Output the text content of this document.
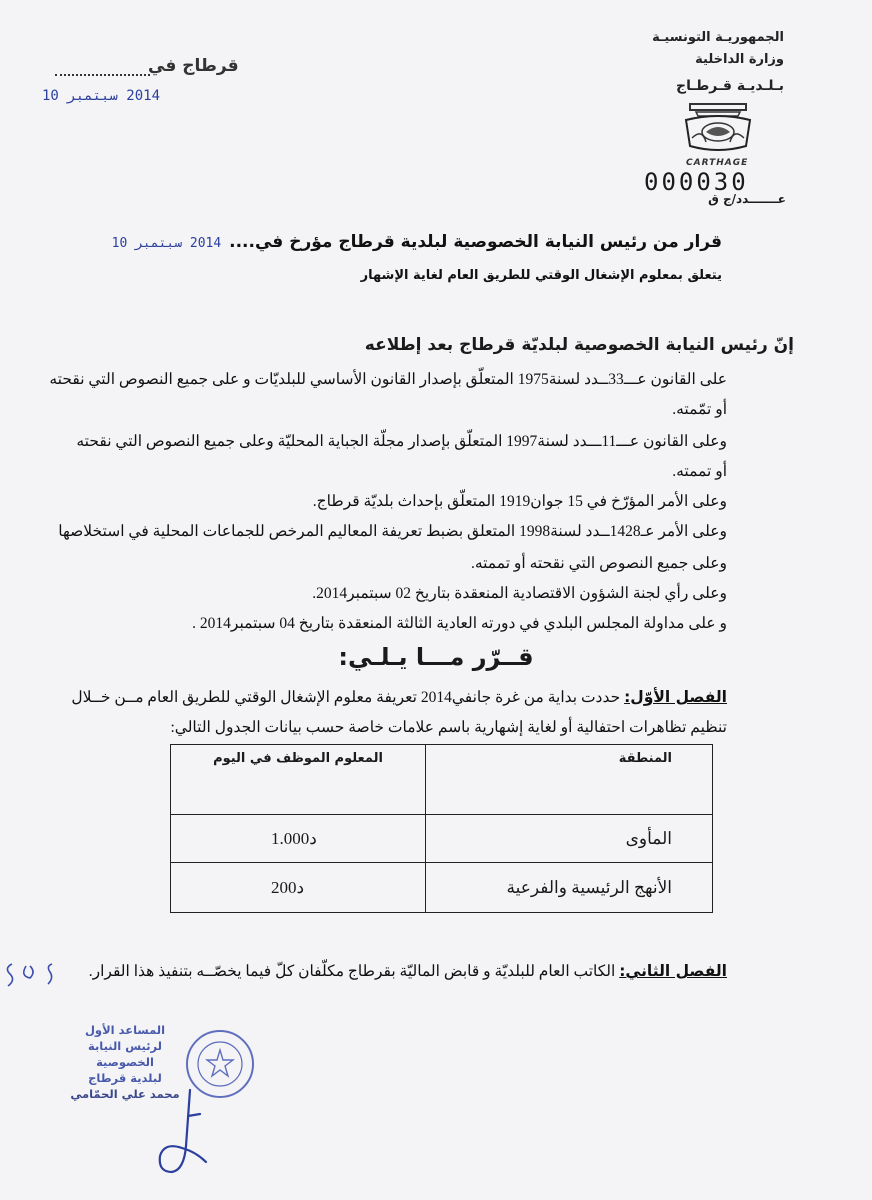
الجمهوريـة التونسيـة
وزارة الداخلية
بـلـديـة قـرطـاج
CARTHAGE
000030
عـــــــدد/ج ق
قرطاج في
2014 سبتمبر 10
قرار من رئيس النيابة الخصوصية لبلدية قرطاج مؤرخ في.... 2014 سبتمبر 10
يتعلق بمعلوم الإشغال الوقتي للطريق العام لغاية الإشهار
إنّ رئيس النيابة الخصوصية لبلديّة قرطاج بعد إطلاعه
على القانون عـــ33ــدد لسنة1975 المتعلّق بإصدار القانون الأساسي للبلديّات و على جميع النصوص التي نقحته
أو تمّمته.
وعلى القانون عـــ11ـــدد لسنة1997 المتعلّق بإصدار مجلّة الجباية المحليّة وعلى جميع النصوص التي نقحته
أو تممته.
وعلى الأمر المؤرّخ في 15 جوان1919 المتعلّق بإحداث بلديّة قرطاج.
وعلى الأمر عـ1428ــدد لسنة1998 المتعلق بضبط تعريفة المعاليم المرخص للجماعات المحلية في استخلاصها
وعلى جميع النصوص التي نقحته أو تممته.
وعلى رأي لجنة الشؤون الاقتصادية المنعقدة بتاريخ 02 سبتمبر2014.
و على مداولة المجلس البلدي في دورته العادية الثالثة المنعقدة بتاريخ 04 سبتمبر2014 .
قــرّر مـــا يـلـي:
الفصل الأوّل: حددت بداية من غرة جانفي2014 تعريفة معلوم الإشغال الوقتي للطريق العام مــن خــلال
تنظيم تظاهرات احتفالية أو لغاية إشهارية باسم علامات خاصة حسب بيانات الجدول التالي:
المنطقة	المعلوم الموظف في اليوم
المأوى	1.000د
الأنهج الرئيسية والفرعية	200د
الفصل الثاني: الكاتب العام للبلديّة و قابض الماليّة بقرطاج مكلّفان كلّ فيما يخصّــه بتنفيذ هذا القرار.
المساعد الأول
لرئيس النيابة الخصوصية
لبلدية قرطاج
محمد علي الحمّامي
